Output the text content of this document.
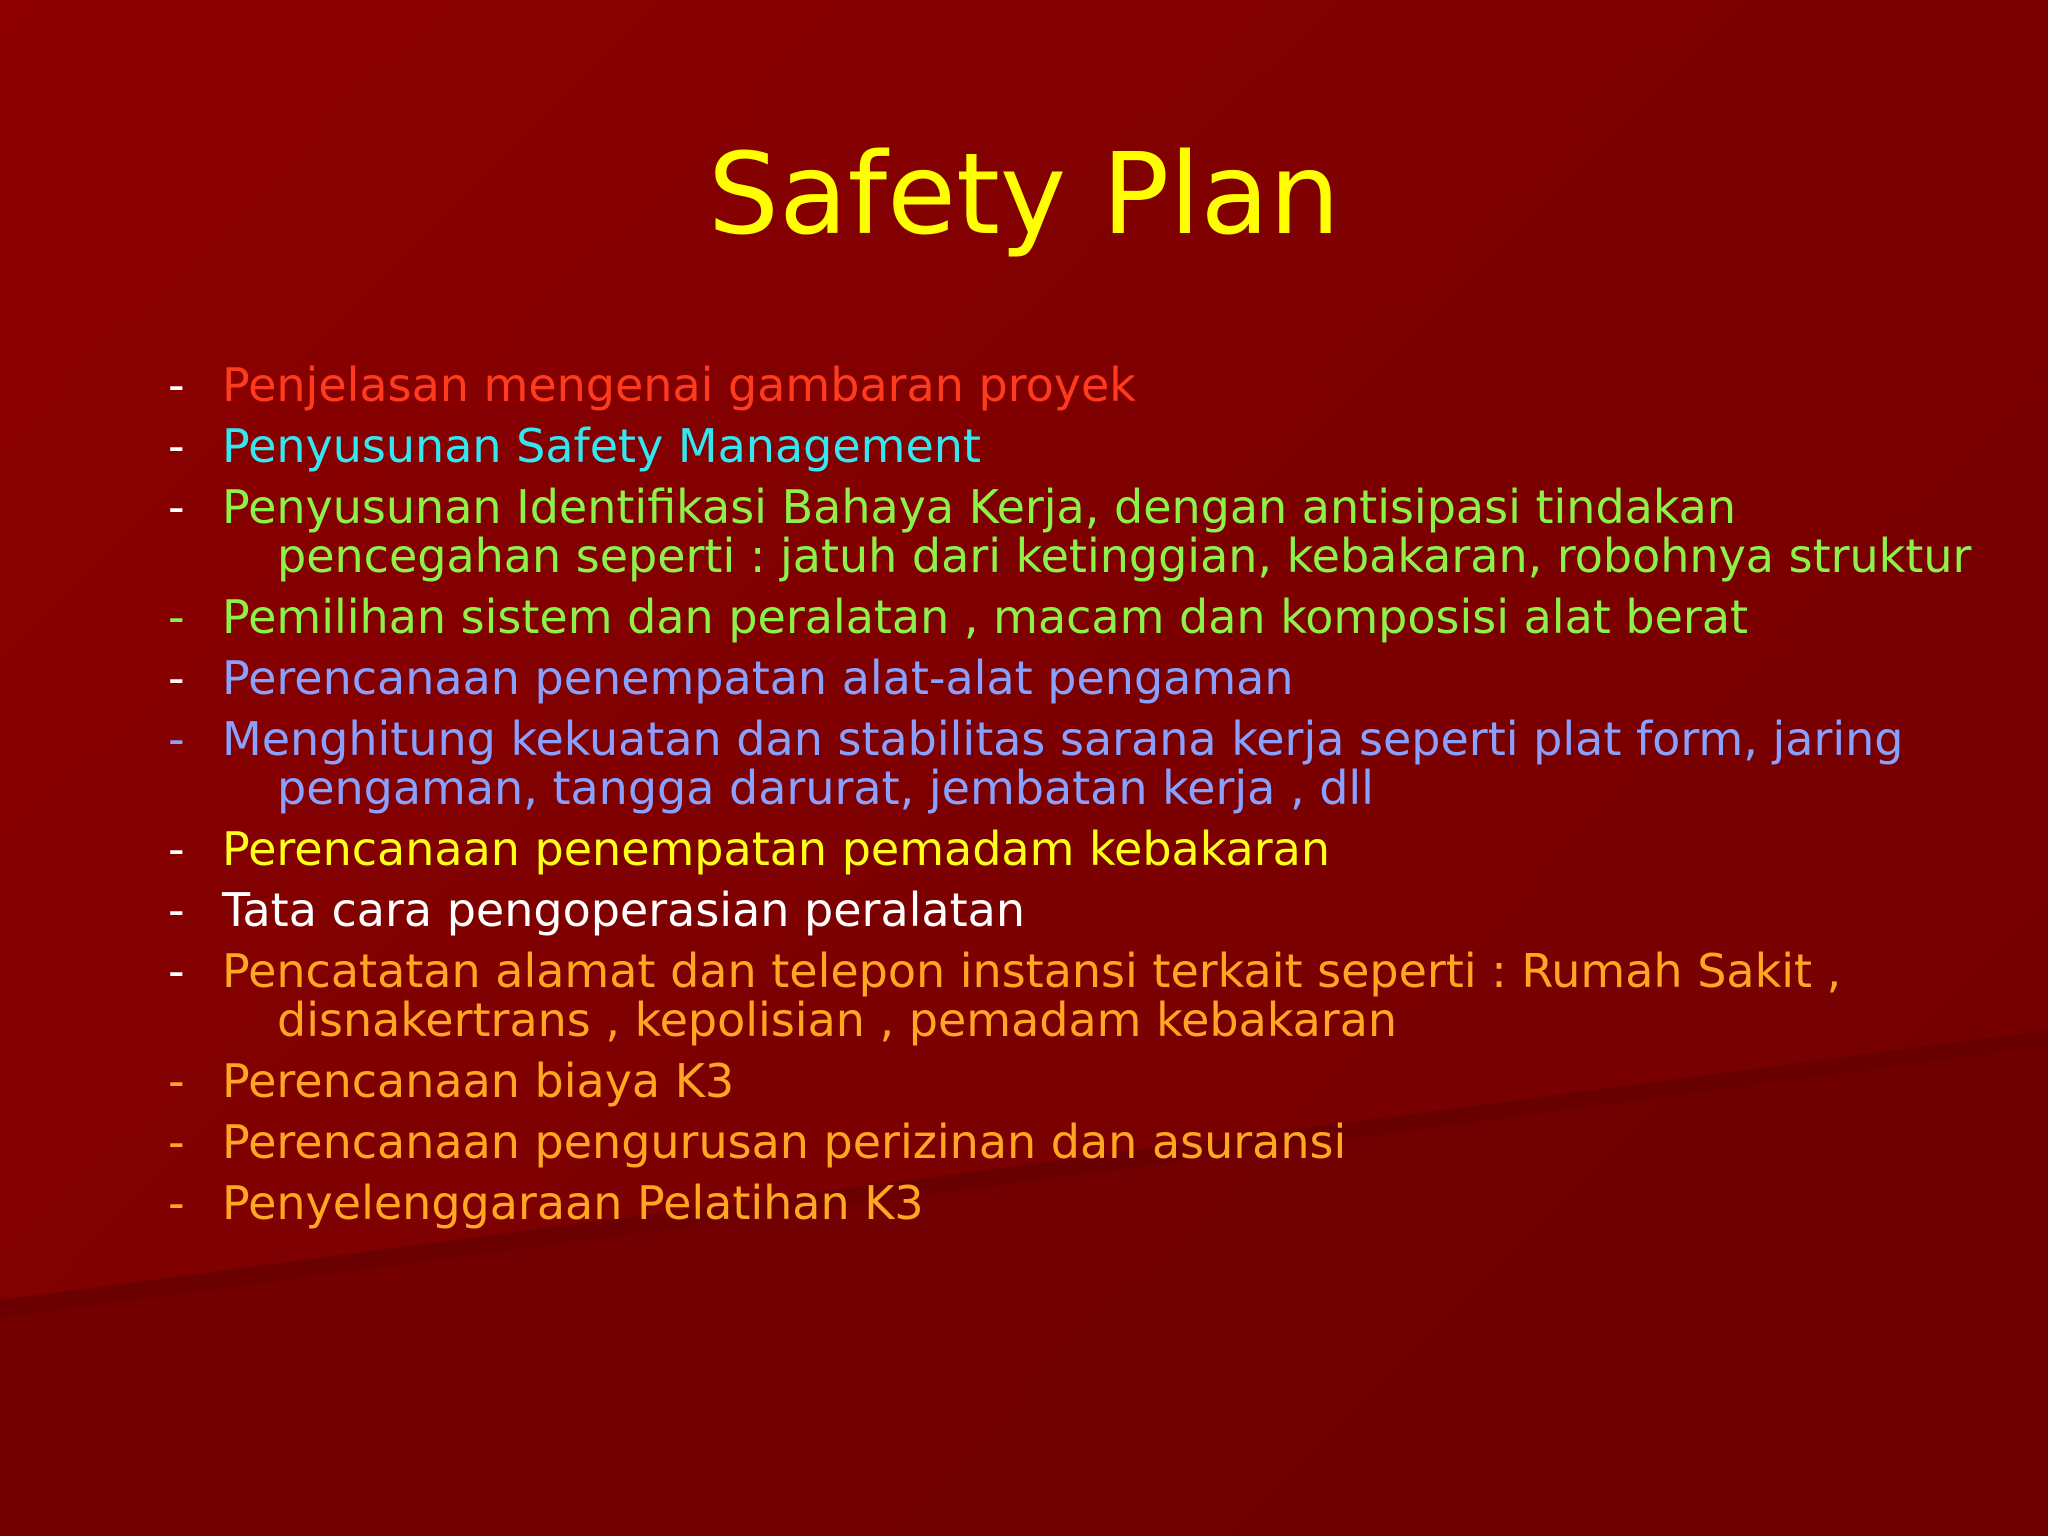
Safety Plan
- Penjelasan mengenai gambaran proyek
- Penyusunan Safety Management
- Penyusunan Identifikasi Bahaya Kerja, dengan antisipasi tindakan pencegahan seperti : jatuh dari ketinggian, kebakaran, robohnya struktur
- Pemilihan sistem dan peralatan , macam dan komposisi alat berat
- Perencanaan penempatan alat-alat pengaman
- Menghitung kekuatan dan stabilitas sarana kerja seperti plat form, jaring pengaman, tangga darurat, jembatan kerja , dll
- Perencanaan penempatan pemadam kebakaran
- Tata cara pengoperasian peralatan
- Pencatatan alamat dan telepon instansi terkait seperti : Rumah Sakit , disnakertrans , kepolisian , pemadam kebakaran
- Perencanaan biaya K3
- Perencanaan pengurusan perizinan dan asuransi
- Penyelenggaraan Pelatihan K3
